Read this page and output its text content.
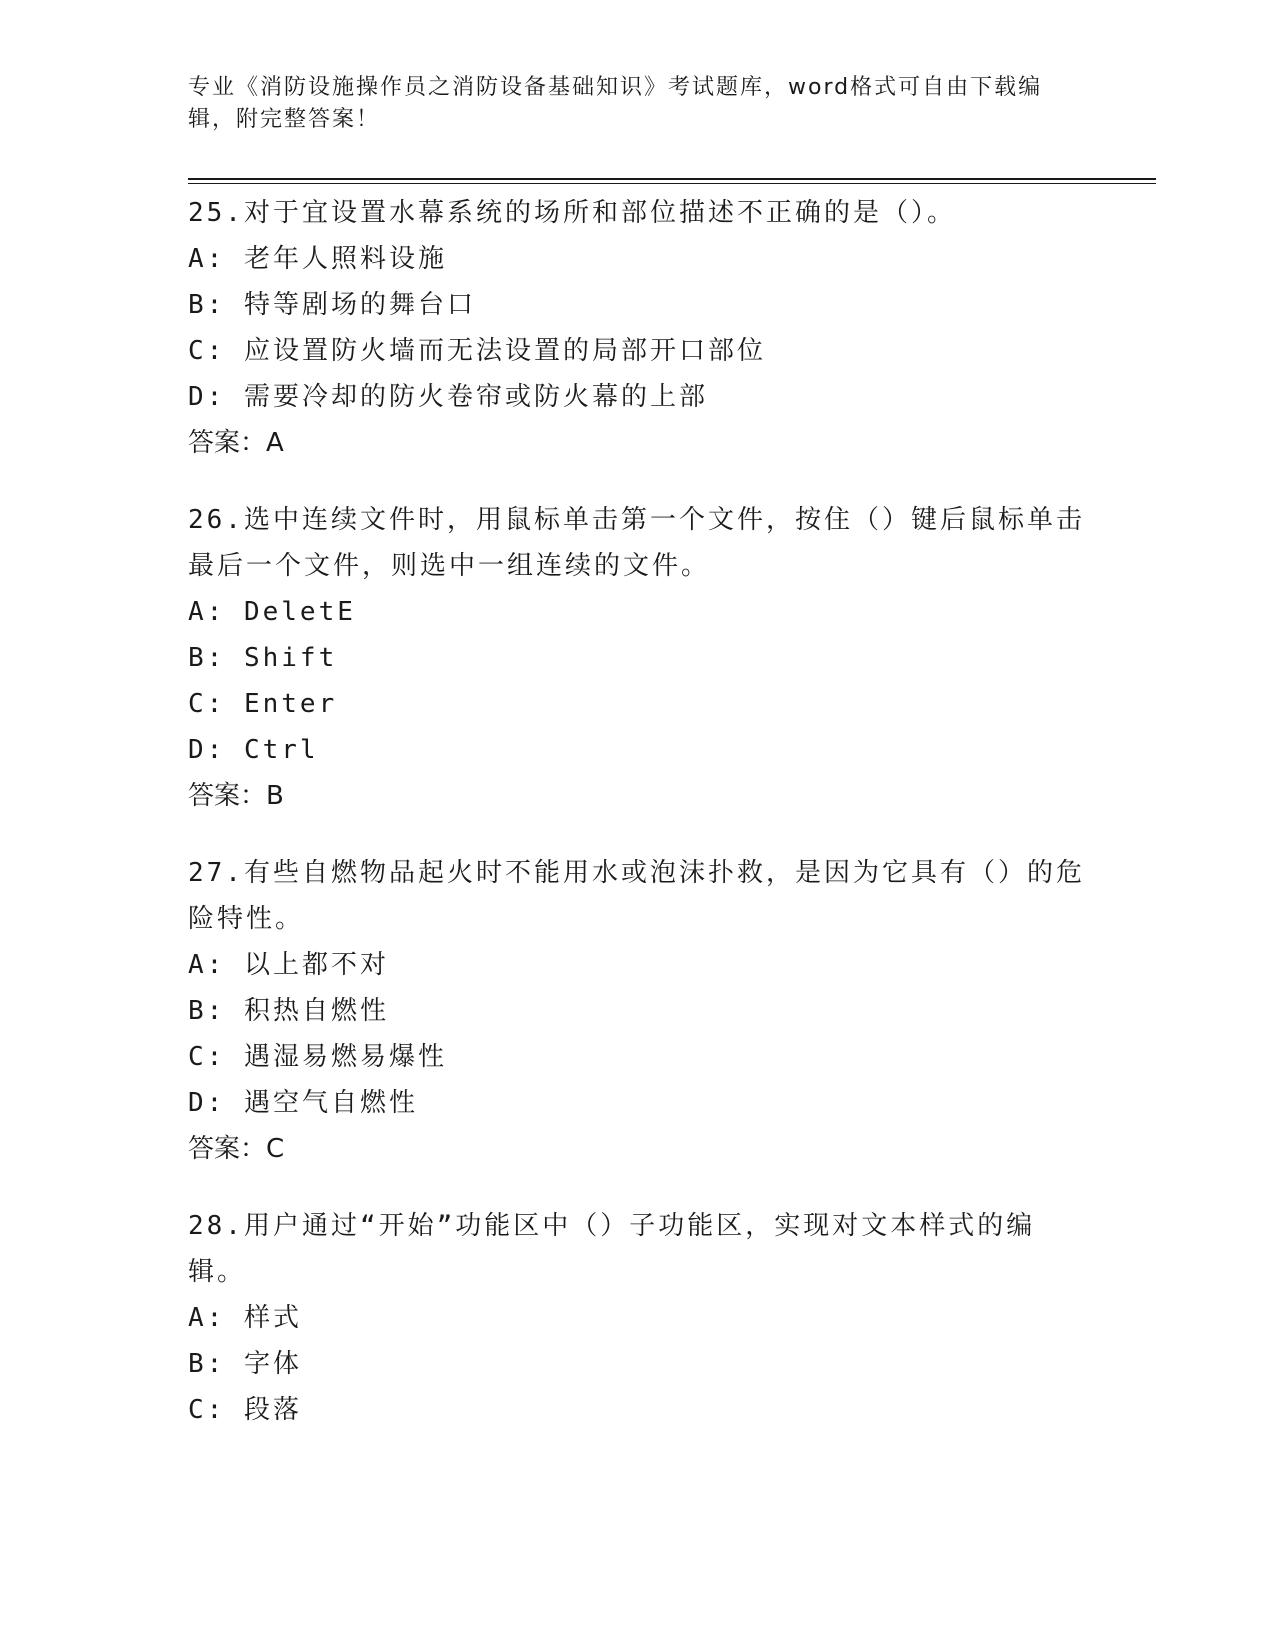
专业《消防设施操作员之消防设备基础知识》考试题库，word格式可自由下载编辑，附完整答案！

25.对于宜设置水幕系统的场所和部位描述不正确的是（）。

A: 老年人照料设施

B: 特等剧场的舞台口

C: 应设置防火墙而无法设置的局部开口部位

D: 需要冷却的防火卷帘或防火幕的上部

答案：A

26.选中连续文件时，用鼠标单击第一个文件，按住（）键后鼠标单击最后一个文件，则选中一组连续的文件。

A: DeletE

B: Shift

C: Enter

D: Ctrl

答案：B

27.有些自燃物品起火时不能用水或泡沫扑救，是因为它具有（）的危险特性。

A: 以上都不对

B: 积热自燃性

C: 遇湿易燃易爆性

D: 遇空气自燃性

答案：C

28.用户通过“开始”功能区中（）子功能区，实现对文本样式的编辑。

A: 样式

B: 字体

C: 段落
